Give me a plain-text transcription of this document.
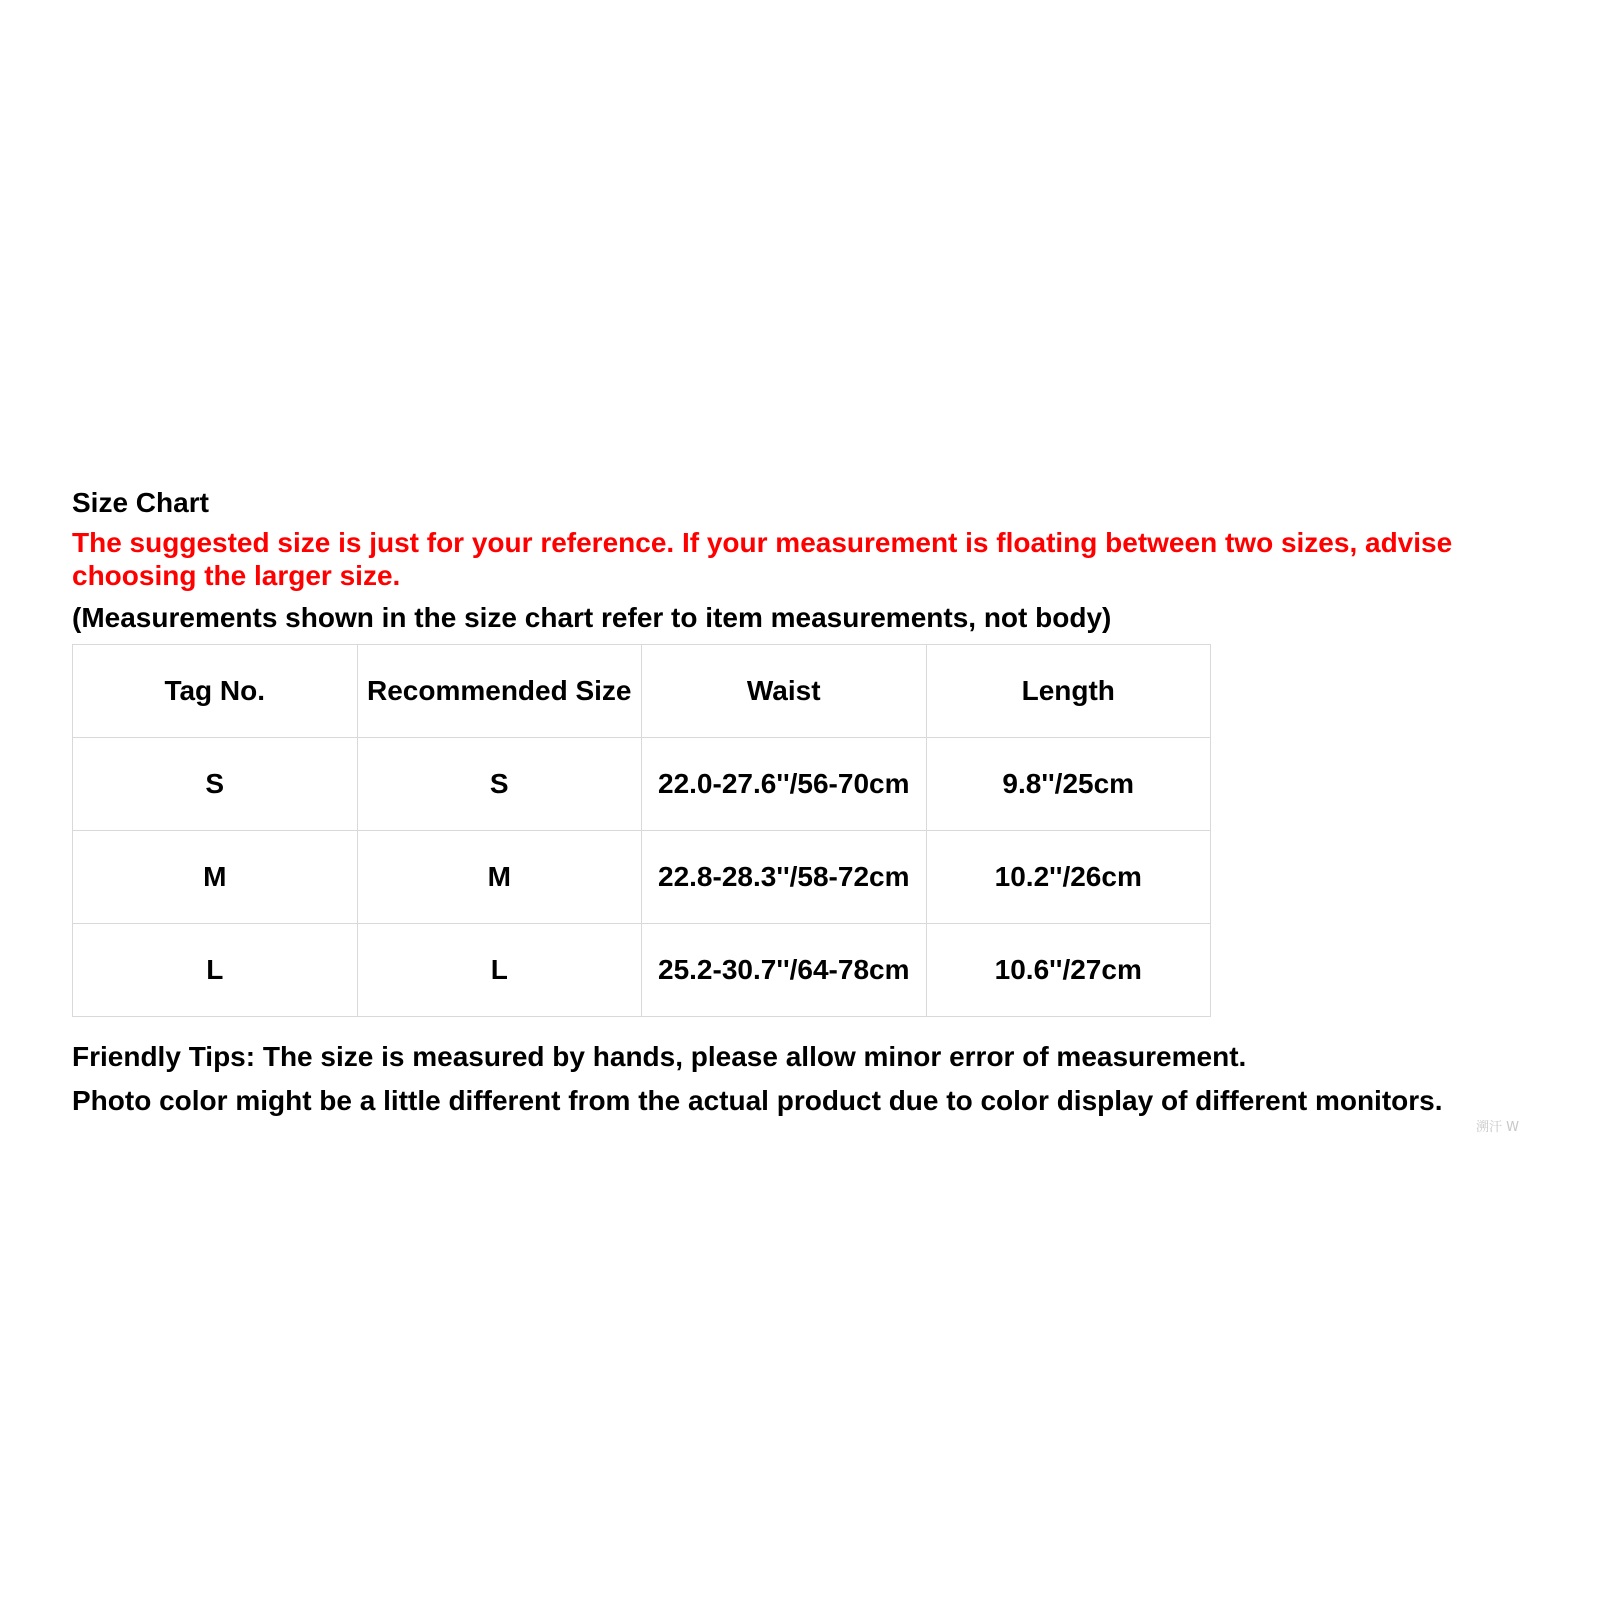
Size Chart
The suggested size is just for your reference. If your measurement is floating between two sizes, advise choosing the larger size.
(Measurements shown in the size chart refer to item measurements, not body)
Tag No.	Recommended Size	Waist	Length
S	S	22.0-27.6''/56-70cm	9.8''/25cm
M	M	22.8-28.3''/58-72cm	10.2''/26cm
L	L	25.2-30.7''/64-78cm	10.6''/27cm
Friendly Tips: The size is measured by hands, please allow minor error of measurement.
Photo color might be a little different from the actual product due to color display of different monitors.
溯汗 W
